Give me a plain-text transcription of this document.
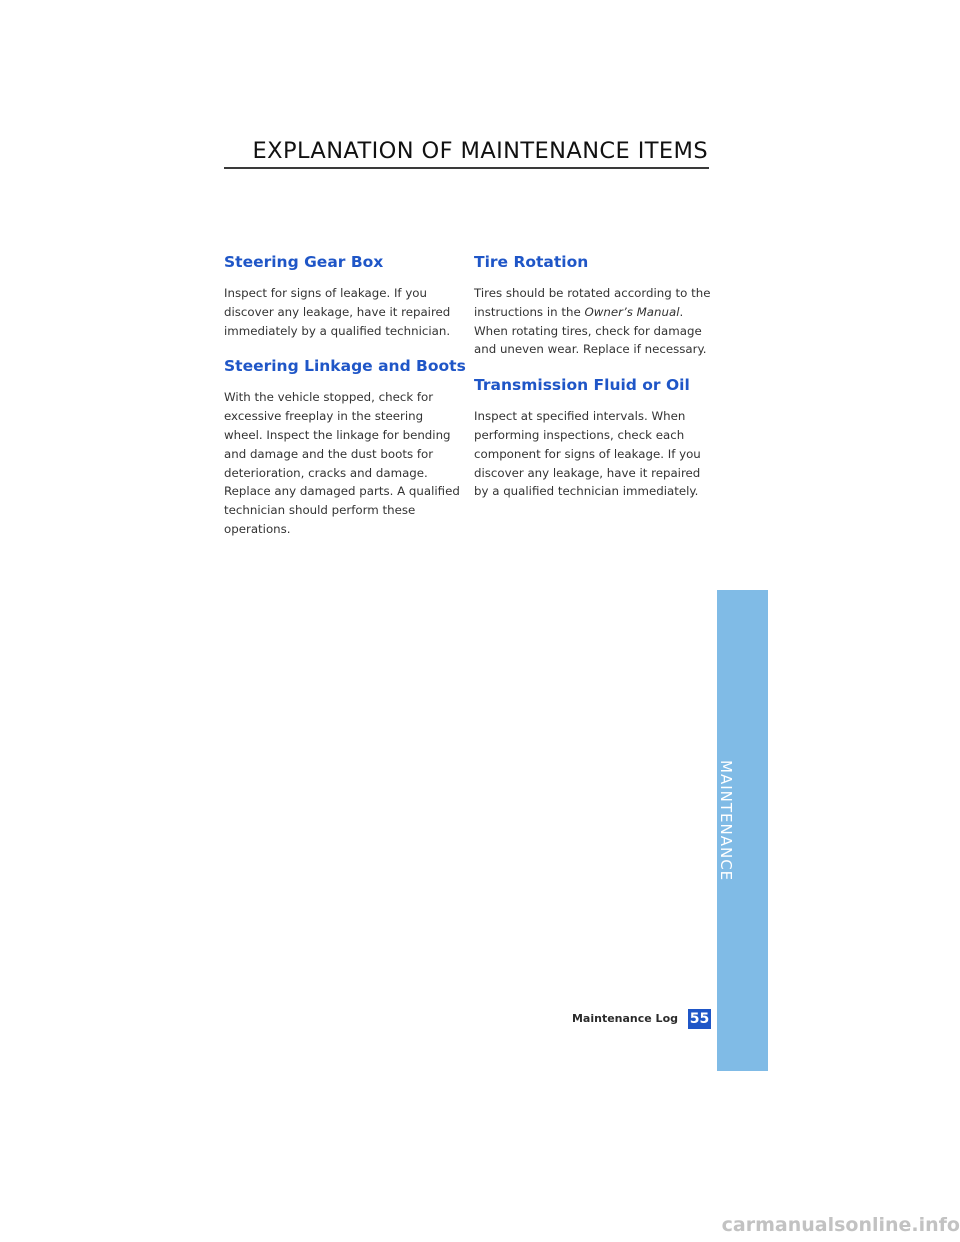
EXPLANATION OF MAINTENANCE ITEMS
Steering Gear Box

Inspect for signs of leakage. If you discover any leakage, have it repaired immediately by a qualified technician.

Steering Linkage and Boots

With the vehicle stopped, check for excessive freeplay in the steering wheel. Inspect the linkage for bending and damage and the dust boots for deterioration, cracks and damage. Replace any damaged parts. A qualified technician should perform these operations.

Tire Rotation

Tires should be rotated according to the instructions in the Owner’s Manual. When rotating tires, check for damage and uneven wear. Replace if necessary.

Transmission Fluid or Oil

Inspect at specified intervals. When performing inspections, check each component for signs of leakage. If you discover any leakage, have it repaired by a qualified technician immediately.

MAINTENANCE
Maintenance Log 55
carmanualsonline.info
